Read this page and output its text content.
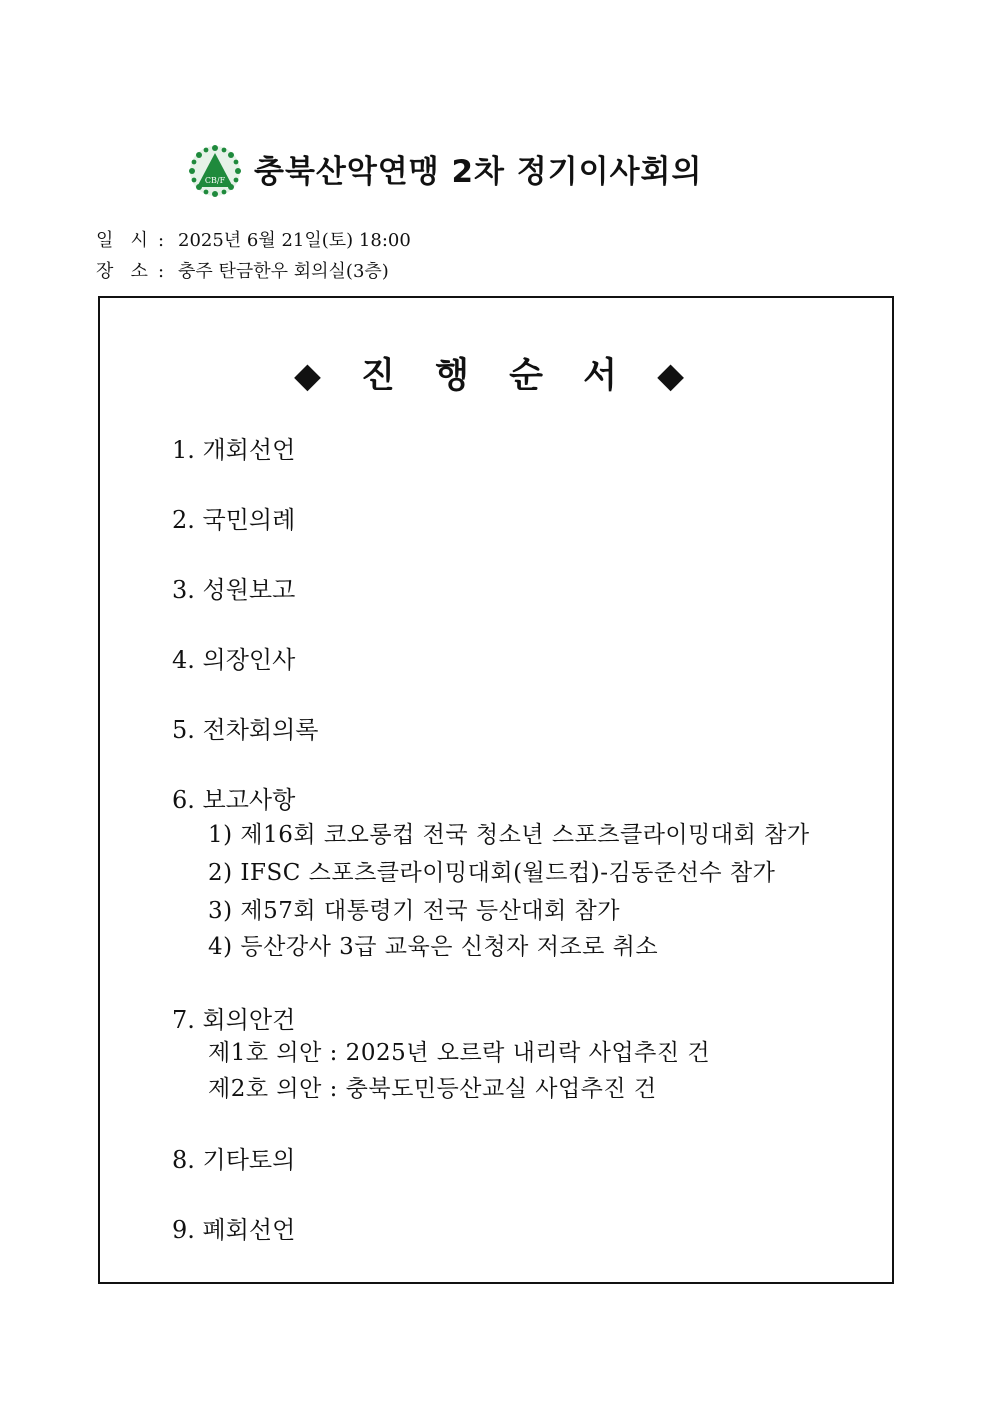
CB/F 충북산악연맹 2차 정기이사회의
일   시 : 2025년 6월 21일(토) 18:00
장   소 : 충주 탄금한우 회의실(3층)
◆ 진 행 순 서 ◆
1. 개회선언
2. 국민의례
3. 성원보고
4. 의장인사
5. 전차회의록
6. 보고사항
1) 제16회 코오롱컵 전국 청소년 스포츠클라이밍대회 참가
2) IFSC 스포츠클라이밍대회(월드컵)-김동준선수 참가
3) 제57회 대통령기 전국 등산대회 참가
4) 등산강사 3급 교육은 신청자 저조로 취소
7. 회의안건
제1호 의안 : 2025년 오르락 내리락 사업추진 건
제2호 의안 : 충북도민등산교실 사업추진 건
8. 기타토의
9. 폐회선언
